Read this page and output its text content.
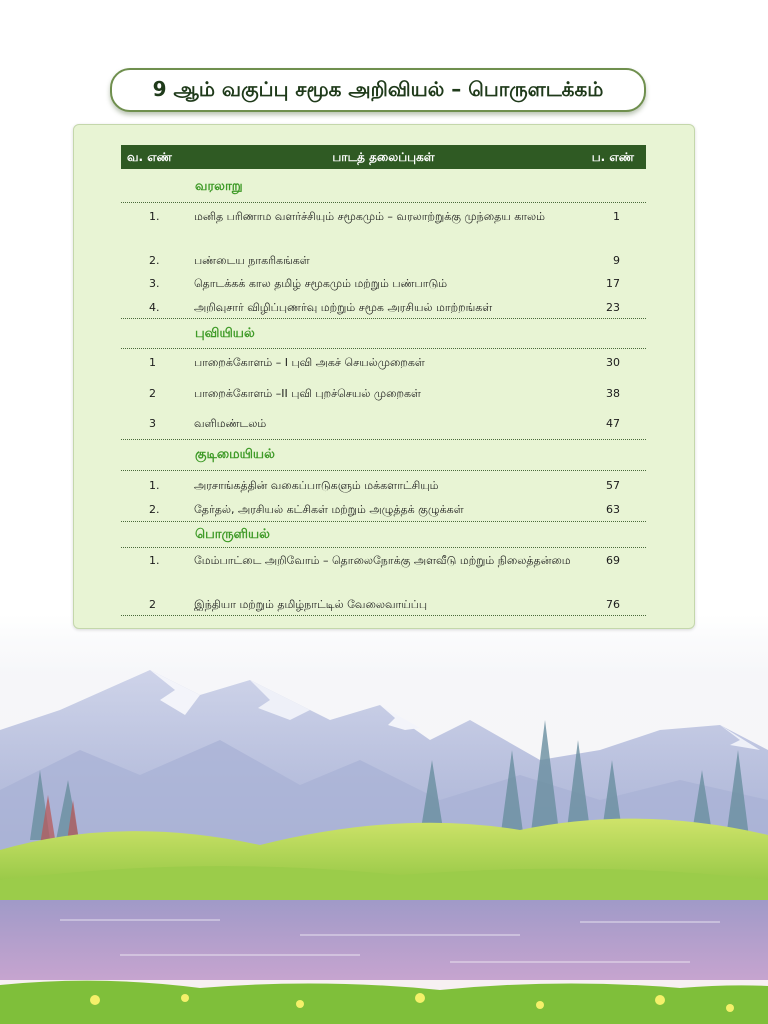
9 ஆம் வகுப்பு சமூக அறிவியல் – பொருளடக்கம்
வ. எண்	பாடத் தலைப்புகள்	ப. எண்
வரலாறு
1.	மனித பரிணாம வளர்ச்சியும் சமூகமும் – வரலாற்றுக்கு முந்தைய காலம்	1
2.	பண்டைய நாகரிகங்கள்	9
3.	தொடக்கக் கால தமிழ் சமூகமும் மற்றும் பண்பாடும்	17
4.	அறிவுசார் விழிப்புணர்வு மற்றும் சமூக அரசியல் மாற்றங்கள்	23
புவியியல்
1	பாறைக்கோளம் – I புவி அகச் செயல்முறைகள்	30
2	பாறைக்கோளம் –II புவி புறச்செயல் முறைகள்	38
3	வளிமண்டலம்	47
குடிமையியல்
1.	அரசாங்கத்தின் வகைப்பாடுகளும் மக்களாட்சியும்	57
2.	தேர்தல், அரசியல் கட்சிகள் மற்றும் அழுத்தக் குழுக்கள்	63
பொருளியல்
1.	மேம்பாட்டை அறிவோம் – தொலைநோக்கு அளவீடு மற்றும் நிலைத்தன்மை	69
2	இந்தியா மற்றும் தமிழ்நாட்டில் வேலைவாய்ப்பு	76
